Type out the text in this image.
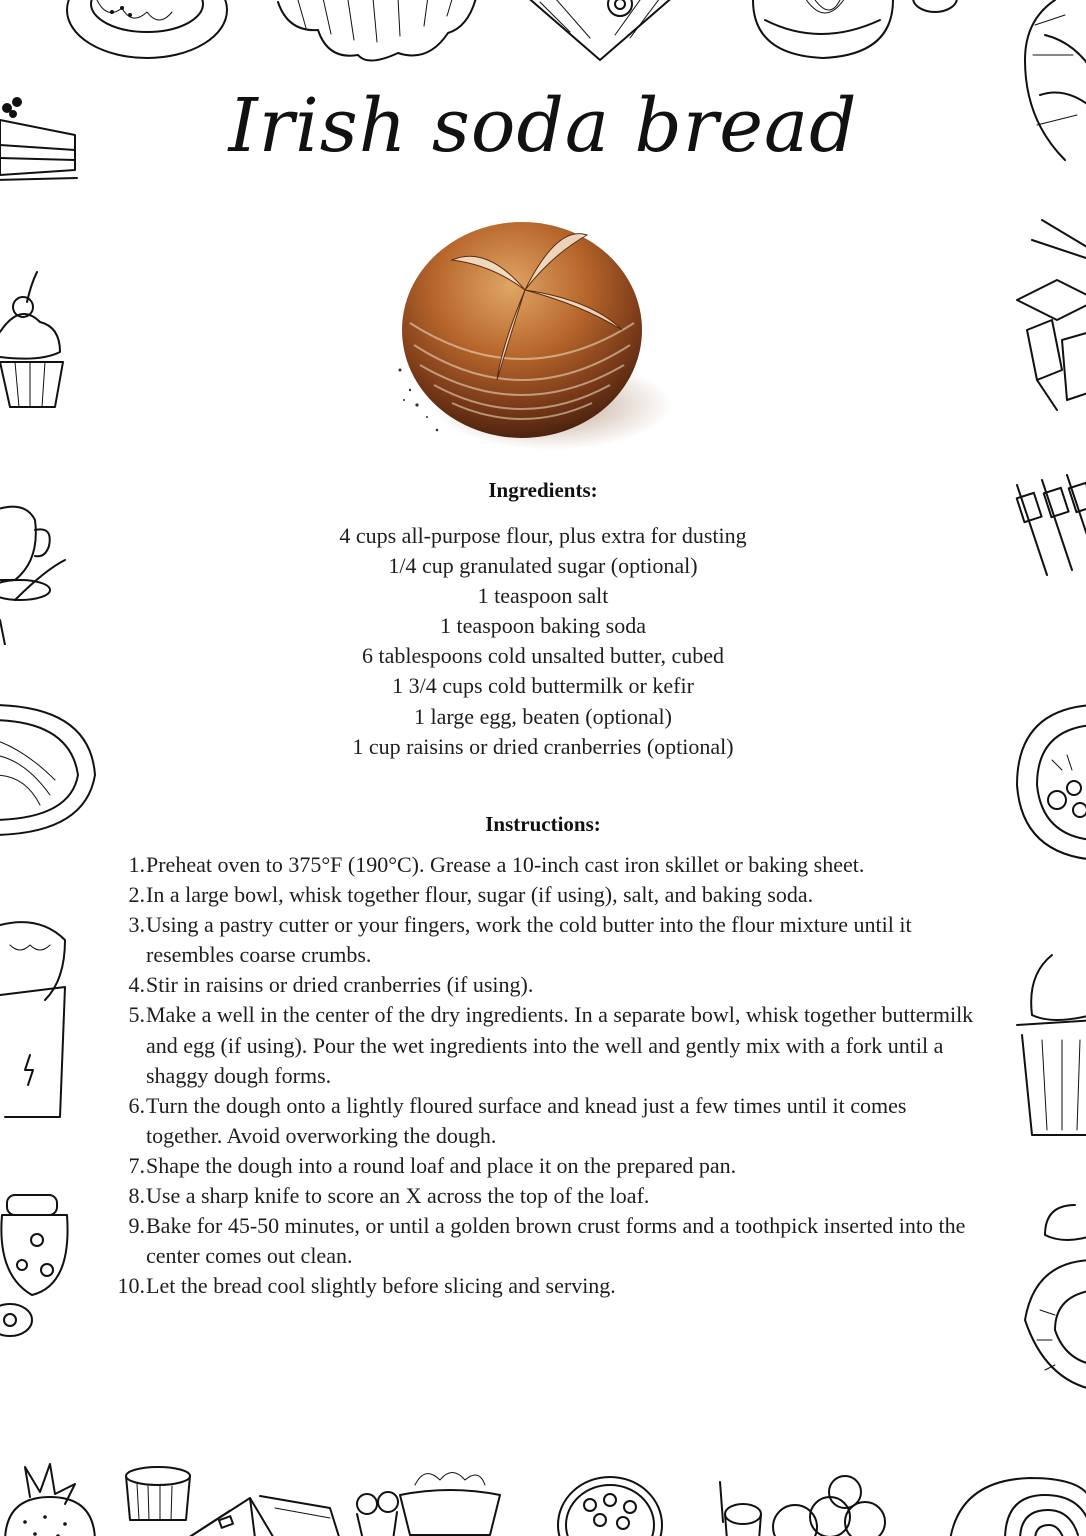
Irish soda bread
Ingredients:
4 cups all-purpose flour, plus extra for dusting
1/4 cup granulated sugar (optional)
1 teaspoon salt
1 teaspoon baking soda
6 tablespoons cold unsalted butter, cubed
1 3/4 cups cold buttermilk or kefir
1 large egg, beaten (optional)
1 cup raisins or dried cranberries (optional)
Instructions:
1. Preheat oven to 375°F (190°C). Grease a 10-inch cast iron skillet or baking sheet.
2. In a large bowl, whisk together flour, sugar (if using), salt, and baking soda.
3. Using a pastry cutter or your fingers, work the cold butter into the flour mixture until it resembles coarse crumbs.
4. Stir in raisins or dried cranberries (if using).
5. Make a well in the center of the dry ingredients. In a separate bowl, whisk together buttermilk and egg (if using). Pour the wet ingredients into the well and gently mix with a fork until a shaggy dough forms.
6. Turn the dough onto a lightly floured surface and knead just a few times until it comes together. Avoid overworking the dough.
7. Shape the dough into a round loaf and place it on the prepared pan.
8. Use a sharp knife to score an X across the top of the loaf.
9. Bake for 45-50 minutes, or until a golden brown crust forms and a toothpick inserted into the center comes out clean.
10. Let the bread cool slightly before slicing and serving.
